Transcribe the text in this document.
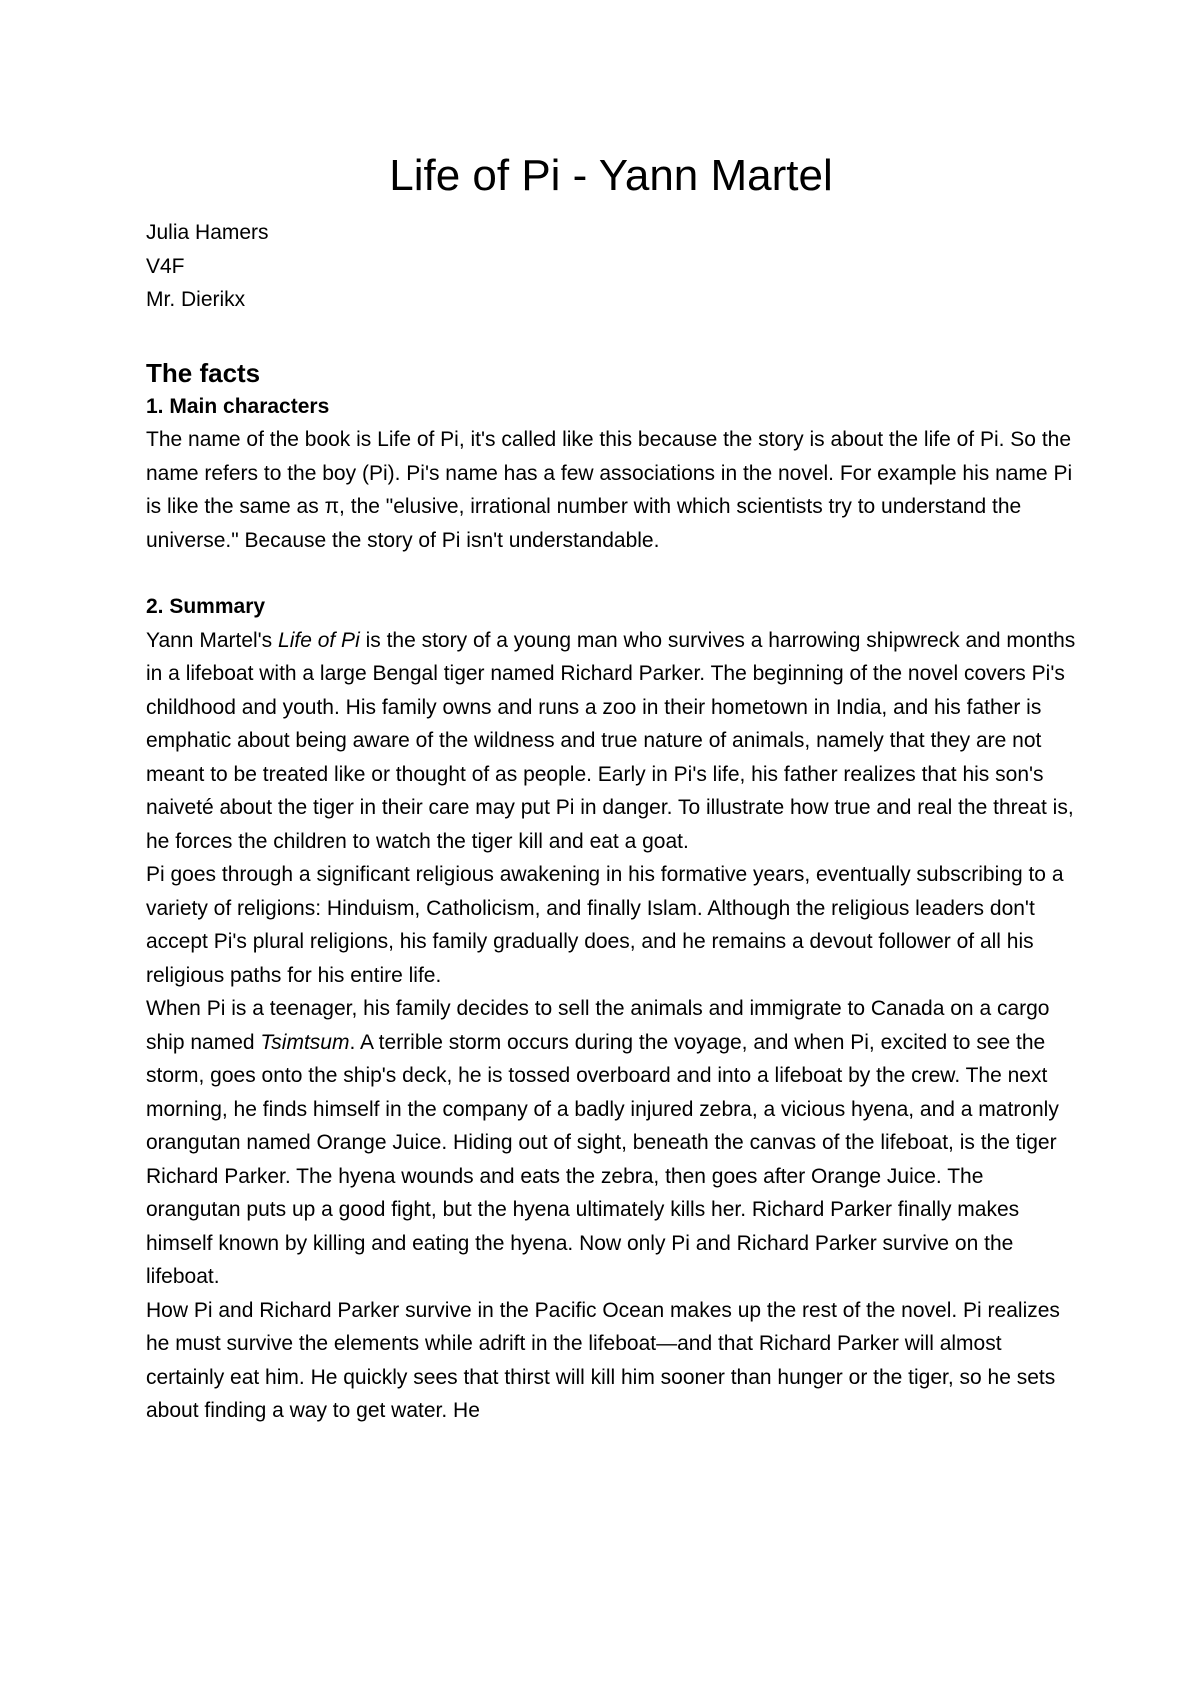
Life of Pi - Yann Martel
Julia Hamers
V4F
Mr. Dierikx
The facts
1. Main characters

The name of the book is Life of Pi, it's called like this because the story is about the life of Pi. So the name refers to the boy (Pi). Pi's name has a few associations in the novel. For example his name Pi is like the same as π, the "elusive, irrational number with which scientists try to understand the universe." Because the story of Pi isn't understandable.

2. Summary

Yann Martel's Life of Pi is the story of a young man who survives a harrowing shipwreck and months in a lifeboat with a large Bengal tiger named Richard Parker. The beginning of the novel covers Pi's childhood and youth. His family owns and runs a zoo in their hometown in India, and his father is emphatic about being aware of the wildness and true nature of animals, namely that they are not meant to be treated like or thought of as people. Early in Pi's life, his father realizes that his son's naiveté about the tiger in their care may put Pi in danger. To illustrate how true and real the threat is, he forces the children to watch the tiger kill and eat a goat.

Pi goes through a significant religious awakening in his formative years, eventually subscribing to a variety of religions: Hinduism, Catholicism, and finally Islam. Although the religious leaders don't accept Pi's plural religions, his family gradually does, and he remains a devout follower of all his religious paths for his entire life.

When Pi is a teenager, his family decides to sell the animals and immigrate to Canada on a cargo ship named Tsimtsum. A terrible storm occurs during the voyage, and when Pi, excited to see the storm, goes onto the ship's deck, he is tossed overboard and into a lifeboat by the crew. The next morning, he finds himself in the company of a badly injured zebra, a vicious hyena, and a matronly orangutan named Orange Juice. Hiding out of sight, beneath the canvas of the lifeboat, is the tiger Richard Parker. The hyena wounds and eats the zebra, then goes after Orange Juice. The orangutan puts up a good fight, but the hyena ultimately kills her. Richard Parker finally makes himself known by killing and eating the hyena. Now only Pi and Richard Parker survive on the lifeboat.

How Pi and Richard Parker survive in the Pacific Ocean makes up the rest of the novel. Pi realizes he must survive the elements while adrift in the lifeboat—and that Richard Parker will almost certainly eat him. He quickly sees that thirst will kill him sooner than hunger or the tiger, so he sets about finding a way to get water. He
